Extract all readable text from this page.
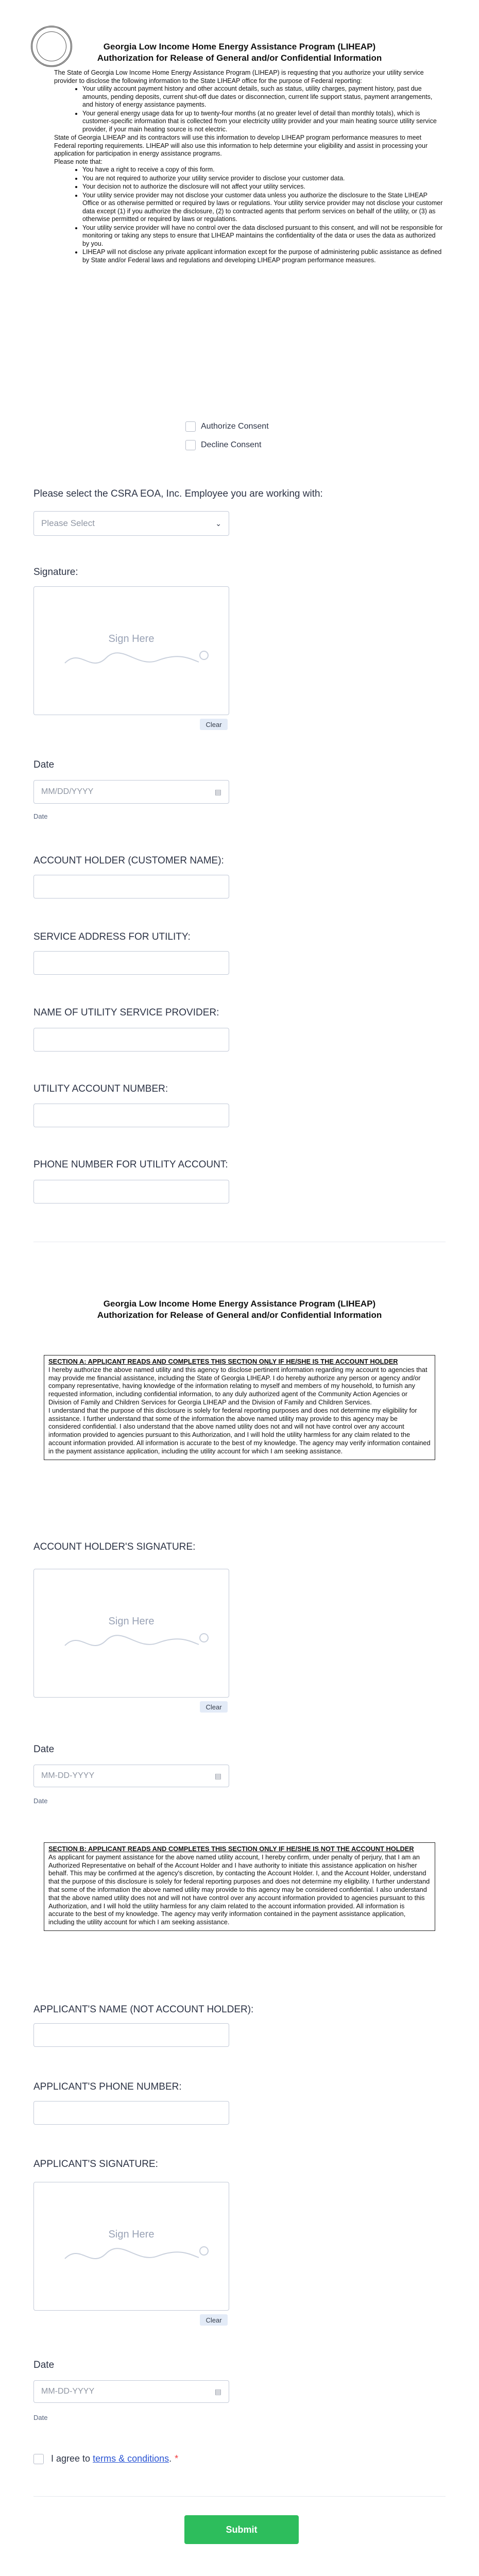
Georgia Low Income Home Energy Assistance Program (LIHEAP)
Authorization for Release of General and/or Confidential Information

The State of Georgia Low Income Home Energy Assistance Program (LIHEAP) is requesting that you authorize your utility service provider to disclose the following information to the State LIHEAP office for the purpose of Federal reporting:

• Your utility account payment history and other account details, such as status, utility charges, payment history, past due amounts, pending deposits, current shut-off due dates or disconnection, current life support status, payment arrangements, and history of energy assistance payments.
• Your general energy usage data for up to twenty-four months (at no greater level of detail than monthly totals), which is customer-specific information that is collected from your electricity utility provider and your main heating source utility service provider, if your main heating source is not electric.

State of Georgia LIHEAP and its contractors will use this information to develop LIHEAP program performance measures to meet Federal reporting requirements. LIHEAP will also use this information to help determine your eligibility and assist in processing your application for participation in energy assistance programs.

Please note that:

• You have a right to receive a copy of this form.
• You are not required to authorize your utility service provider to disclose your customer data.
• Your decision not to authorize the disclosure will not affect your utility services.
• Your utility service provider may not disclose your customer data unless you authorize the disclosure to the State LIHEAP Office or as otherwise permitted or required by laws or regulations. Your utility service provider may not disclose your customer data except (1) if you authorize the disclosure, (2) to contracted agents that perform services on behalf of the utility, or (3) as otherwise permitted or required by laws or regulations.
• Your utility service provider will have no control over the data disclosed pursuant to this consent, and will not be responsible for monitoring or taking any steps to ensure that LIHEAP maintains the confidentiality of the data or uses the data as authorized by you.
• LIHEAP will not disclose any private applicant information except for the purpose of administering public assistance as defined by State and/or Federal laws and regulations and developing LIHEAP program performance measures.
Authorize Consent
Decline Consent
Please select the CSRA EOA, Inc. Employee you are working with:
Please Select	⌄
Signature:
Sign Here
Clear
Date
MM/DD/YYYY	▤
Date
ACCOUNT HOLDER (CUSTOMER NAME):
SERVICE ADDRESS FOR UTILITY:
NAME OF UTILITY SERVICE PROVIDER:
UTILITY ACCOUNT NUMBER:
PHONE NUMBER FOR UTILITY ACCOUNT:
Georgia Low Income Home Energy Assistance Program (LIHEAP)
Authorization for Release of General and/or Confidential Information
SECTION A: APPLICANT READS AND COMPLETES THIS SECTION ONLY IF HE/SHE IS THE ACCOUNT HOLDER
I hereby authorize the above named utility and this agency to disclose pertinent information regarding my account to agencies that may provide me financial assistance, including the State of Georgia LIHEAP. I do hereby authorize any person or agency and/or company representative, having knowledge of the information relating to myself and members of my household, to furnish any requested information, including confidential information, to any duly authorized agent of the Community Action Agencies or Division of Family and Children Services for Georgia LIHEAP and the Division of Family and Children Services.
I understand that the purpose of this disclosure is solely for federal reporting purposes and does not determine my eligibility for assistance. I further understand that some of the information the above named utility may provide to this agency may be considered confidential. I also understand that the above named utility does not and will not have control over any account information provided to agencies pursuant to this Authorization, and I will hold the utility harmless for any claim related to the account information provided. All information is accurate to the best of my knowledge. The agency may verify information contained in the payment assistance application, including the utility account for which I am seeking assistance.
ACCOUNT HOLDER'S SIGNATURE:
Sign Here
Clear
Date
MM-DD-YYYY	▤
Date
SECTION B: APPLICANT READS AND COMPLETES THIS SECTION ONLY IF HE/SHE IS NOT THE ACCOUNT HOLDER
As applicant for payment assistance for the above named utility account, I hereby confirm, under penalty of perjury, that I am an Authorized Representative on behalf of the Account Holder and I have authority to initiate this assistance application on his/her behalf. This may be confirmed at the agency's discretion, by contacting the Account Holder. I, and the Account Holder, understand that the purpose of this disclosure is solely for federal reporting purposes and does not determine my eligibility. I further understand that some of the information the above named utility may provide to this agency may be considered confidential. I also understand that the above named utility does not and will not have control over any account information provided to agencies pursuant to this Authorization, and I will hold the utility harmless for any claim related to the account information provided. All information is accurate to the best of my knowledge. The agency may verify information contained in the payment assistance application, including the utility account for which I am seeking assistance.
APPLICANT'S NAME (NOT ACCOUNT HOLDER):
APPLICANT'S PHONE NUMBER:
APPLICANT'S SIGNATURE:
Sign Here
Clear
Date
MM-DD-YYYY	▤
Date
I agree to terms & conditions. *
Submit
